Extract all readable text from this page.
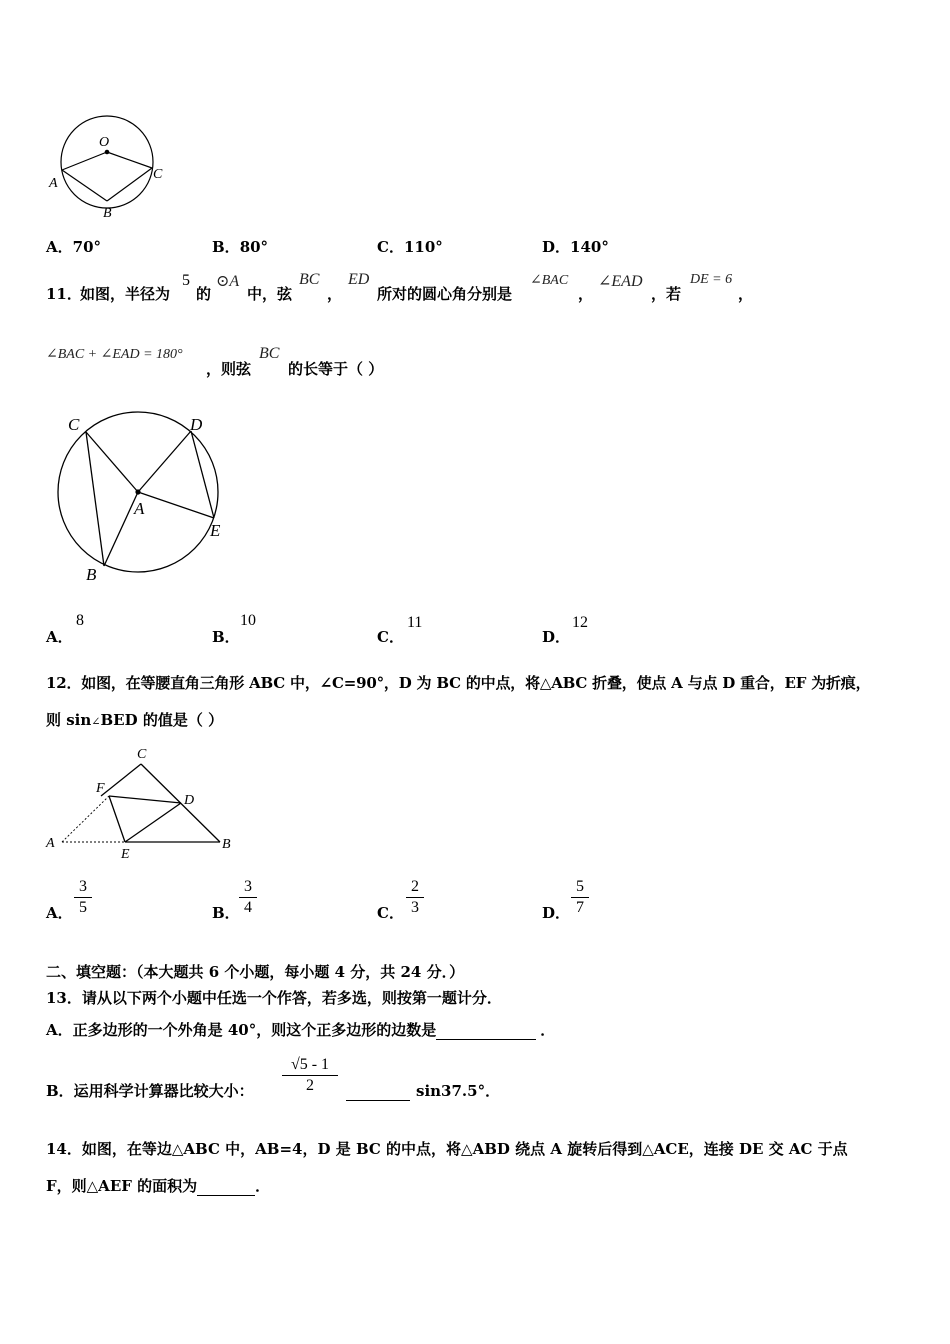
O
A
B
C
A．70°	B．80°	C．110°	D．140°
11．
如图，半径为
5
的
⊙A
中，弦
BC
，
ED
所对的圆心角分别是
∠BAC
，
∠EAD
，若
DE = 6
，
∠BAC + ∠EAD = 180°
，则弦
BC
的长等于（ ）
C	D
A
E
B
A．
8
B．
10
C．
11
D．
12
12．如图，在等腰直角三角形 ABC 中，∠C=90°，D 为 BC 的中点，将△ABC 折叠，使点 A 与点 D 重合，EF 为折痕，
则 sin∠BED 的值是（ ）
C
F
D
A
E
B
A．
3
5	B．
3
4	C．
2
3	D．
5
7
二、填空题：（本大题共 6 个小题，每小题 4 分，共 24 分．）
13．请从以下两个小题中任选一个作答，若多选，则按第一题计分．
A．正多边形的一个外角是 40°，则这个正多边形的边数是	．
B．运用科学计算器比较大小：
√5 - 1
2	sin37.5°．
14．如图，在等边△ABC 中，AB=4，D 是 BC 的中点，将△ABD 绕点 A 旋转后得到△ACE，连接 DE 交 AC 于点
F，则△AEF 的面积为	．
